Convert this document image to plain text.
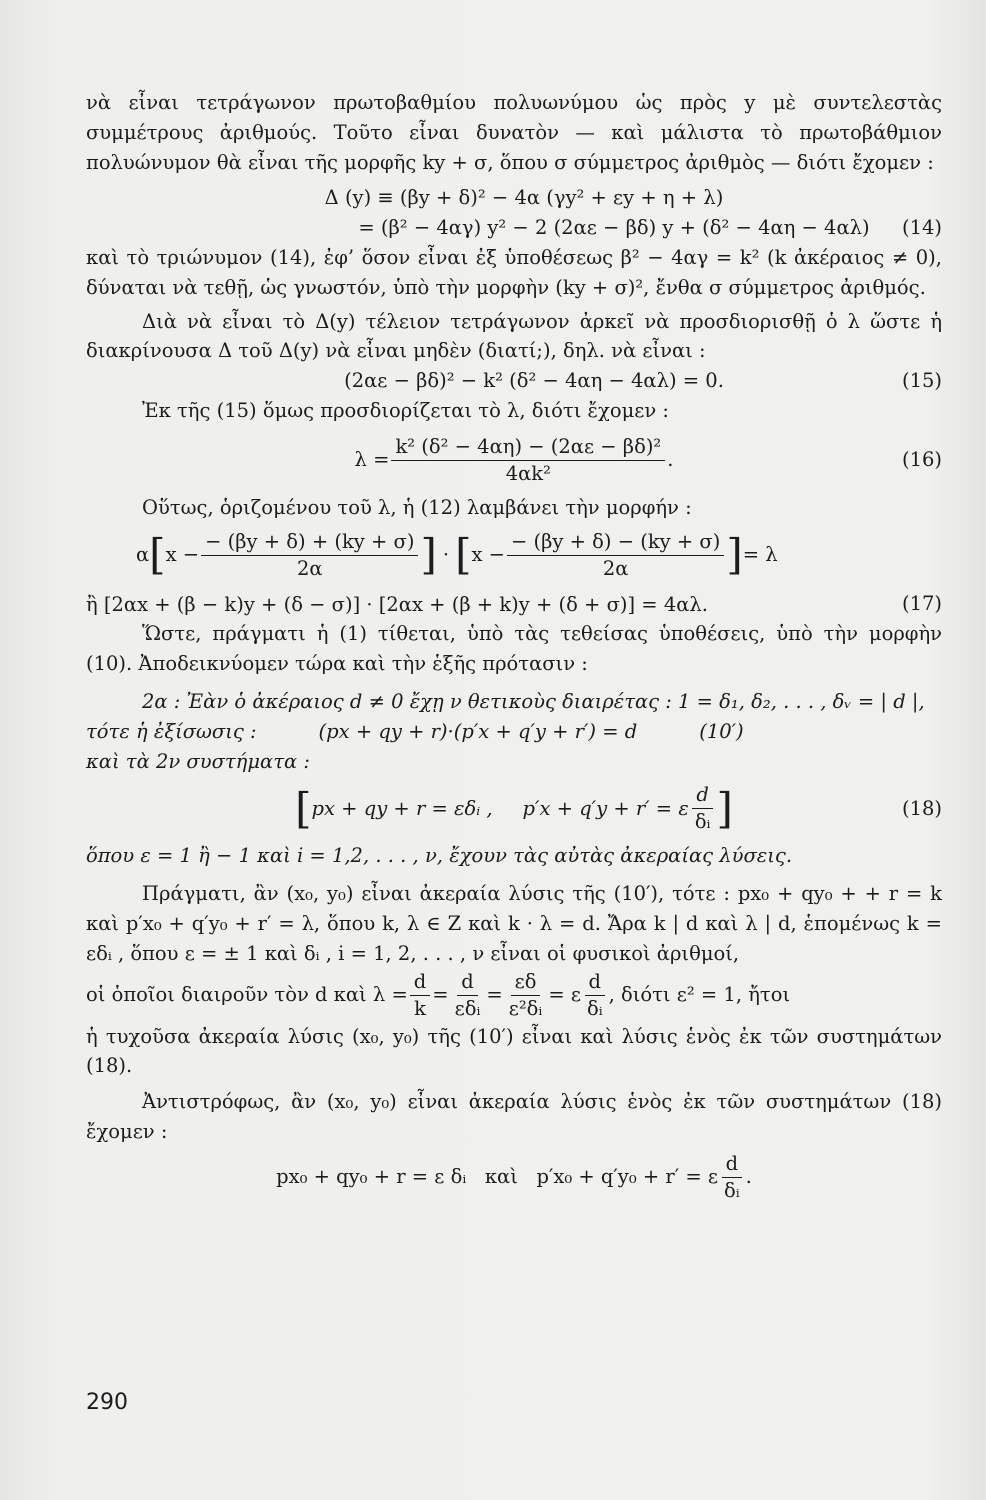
νὰ εἶναι τετράγωνον πρωτοβαθμίου πολυωνύμου ὡς πρὸς y μὲ συντελεστὰς συμμέτρους ἀριθμούς. Τοῦτο εἶναι δυνατὸν — καὶ μάλιστα τὸ πρωτοβάθμιον πολυώνυμον θὰ εἶναι τῆς μορφῆς ky + σ, ὅπου σ σύμμετρος ἀριθμὸς — διότι ἔχομεν :

Δ (y) ≡ (βy + δ)² − 4α (γy² + εy + η + λ)
= (β² − 4αγ) y² − 2 (2αε − βδ) y + (δ² − 4αη − 4αλ) (14)

καὶ τὸ τριώνυμον (14), ἐφ’ ὅσον εἶναι ἐξ ὑποθέσεως β² − 4αγ = k² (k ἀκέραιος ≠ 0), δύναται νὰ τεθῇ, ὡς γνωστόν, ὑπὸ τὴν μορφὴν (ky + σ)², ἔνθα σ σύμμετρος ἀριθμός.

Διὰ νὰ εἶναι τὸ Δ(y) τέλειον τετράγωνον ἀρκεῖ νὰ προσδιορισθῇ ὁ λ ὥστε ἡ διακρίνουσα Δ τοῦ Δ(y) νὰ εἶναι μηδὲν (διατί;), δηλ. νὰ εἶναι :

(2αε − βδ)² − k² (δ² − 4αη − 4αλ) = 0.	(15)

Ἐκ τῆς (15) ὅμως προσδιορίζεται τὸ λ, διότι ἔχομεν :

$\lambda = \frac{\text{k² (δ² − 4αη) − (2αε − βδ)²}}{\text{4αk²}}$ .	(16)

Οὕτως, ὁριζομένου τοῦ λ, ἡ (12) λαμβάνει τὴν μορφήν :

α [ $x - \frac{- (\beta y + \delta) + (ky + \sigma)}{2\alpha}$ ] · [ $x - \frac{- (\beta y + \delta) - (ky + \sigma)}{2\alpha}$ ] = λ
ἢ [2αx + (β − k)y + (δ − σ)] · [2αx + (β + k)y + (δ + σ)] = 4αλ.	(17)

Ὥστε, πράγματι ἡ (1) τίθεται, ὑπὸ τὰς τεθείσας ὑποθέσεις, ὑπὸ τὴν μορφὴν (10). Ἀποδεικνύομεν τώρα καὶ τὴν ἑξῆς πρότασιν :

2α : Ἐὰν ὁ ἀκέραιος d ≠ 0 ἔχῃ ν θετικοὺς διαιρέτας : 1 = δ₁, δ₂, . . . , δᵥ = | d |,

τότε ἡ ἐξίσωσις :          (px + qy + r)·(p′x + q′y + r′) = d          (10′)

καὶ τὰ 2ν συστήματα :

[ px + qy + r = εδᵢ , p′x + q′y + r′ = ε $\frac{d}{\text{δᵢ}}$ ]	(18)

ὅπου ε = 1 ἢ − 1 καὶ i = 1,2, . . . , ν, ἔχουν τὰς αὐτὰς ἀκεραίας λύσεις.

Πράγματι, ἂν (x₀, y₀) εἶναι ἀκεραία λύσις τῆς (10′), τότε : px₀ + qy₀ + + r = k καὶ p′x₀ + q′y₀ + r′ = λ, ὅπου k, λ ∈ Z καὶ k · λ = d. Ἄρα k | d καὶ λ | d, ἑπομένως k = εδᵢ , ὅπου ε = ± 1 καὶ δᵢ , i = 1, 2, . . . , ν εἶναι οἱ φυσικοὶ ἀριθμοί,

οἱ ὁποῖοι διαιροῦν τὸν d καὶ $\lambda = \frac{d}{k} = \frac{d}{\text{εδᵢ}} = \frac{\varepsilon\delta}{\text{ε²δᵢ}} = \varepsilon \frac{d}{\text{δᵢ}}$ , διότι ε² = 1, ἤτοι

ἡ τυχοῦσα ἀκεραία λύσις (x₀, y₀) τῆς (10′) εἶναι καὶ λύσις ἑνὸς ἐκ τῶν συστημάτων (18).

Ἀντιστρόφως, ἂν (x₀, y₀) εἶναι ἀκεραία λύσις ἑνὸς ἐκ τῶν συστημάτων (18) ἔχομεν :

px₀ + qy₀ + r = ε δᵢ   καὶ   p′x₀ + q′y₀ + r′ = ε $\frac{d}{\text{δᵢ}}$ .
290
